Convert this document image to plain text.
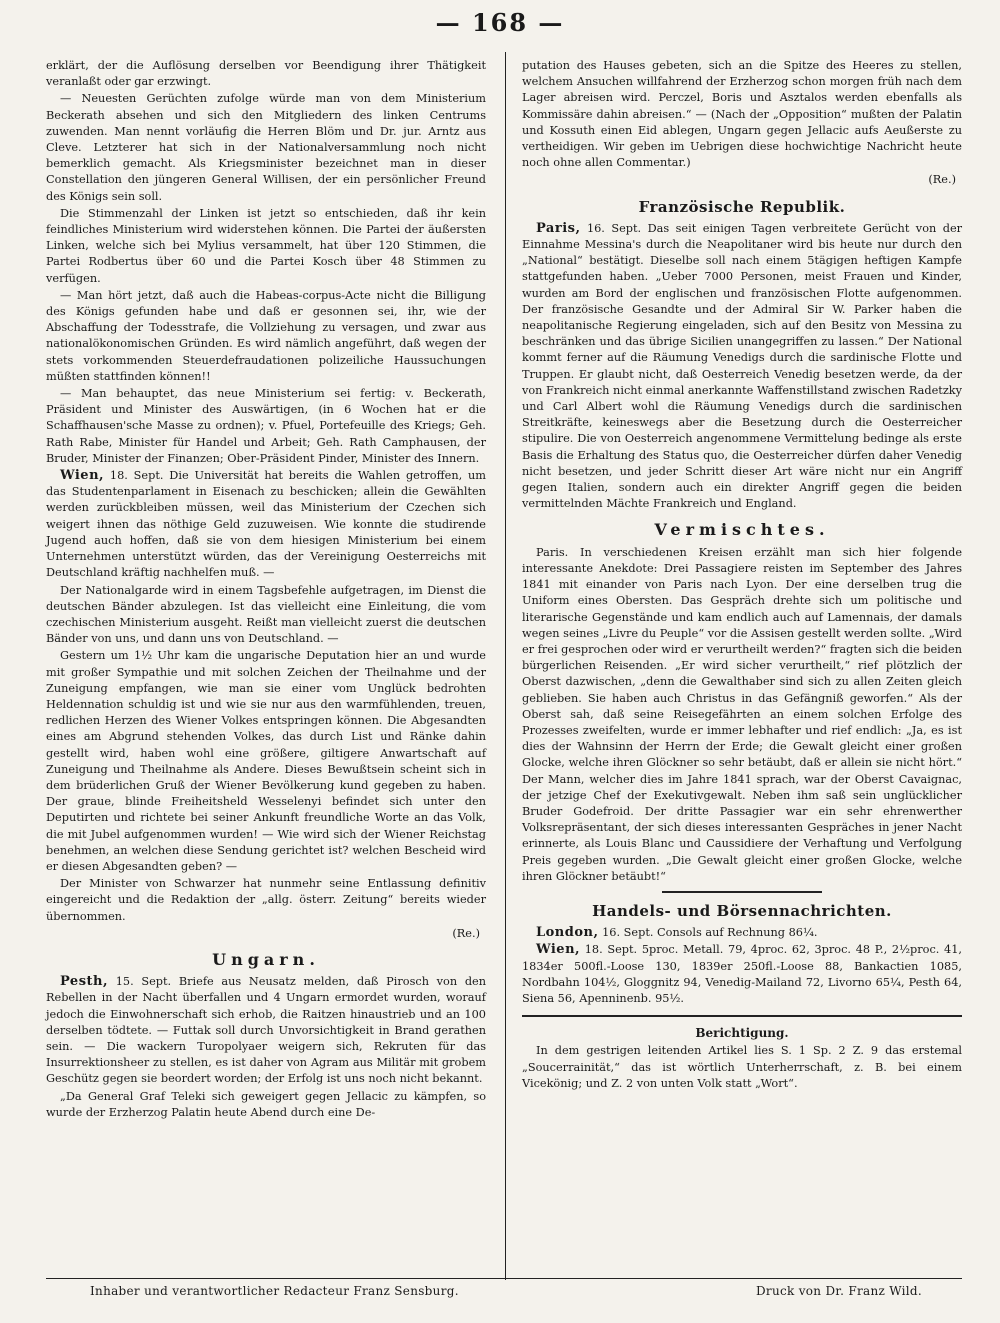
— 168 —

erklärt, der die Auflösung derselben vor Beendigung ihrer Thätigkeit veranlaßt oder gar erzwingt.

— Neuesten Gerüchten zufolge würde man von dem Ministerium Beckerath absehen und sich den Mitgliedern des linken Centrums zuwenden. Man nennt vorläufig die Herren Blöm und Dr. jur. Arntz aus Cleve. Letzterer hat sich in der Nationalversammlung noch nicht bemerklich gemacht. Als Kriegsminister bezeichnet man in dieser Constellation den jüngeren General Willisen, der ein persönlicher Freund des Königs sein soll.

Die Stimmenzahl der Linken ist jetzt so entschieden, daß ihr kein feindliches Ministerium wird widerstehen können. Die Partei der äußersten Linken, welche sich bei Mylius versammelt, hat über 120 Stimmen, die Partei Rodbertus über 60 und die Partei Kosch über 48 Stimmen zu verfügen.

— Man hört jetzt, daß auch die Habeas-corpus-Acte nicht die Billigung des Königs gefunden habe und daß er gesonnen sei, ihr, wie der Abschaffung der Todesstrafe, die Vollziehung zu versagen, und zwar aus nationalökonomischen Gründen. Es wird nämlich angeführt, daß wegen der stets vorkommenden Steuerdefraudationen polizeiliche Haussuchungen müßten stattfinden können!!

— Man behauptet, das neue Ministerium sei fertig: v. Beckerath, Präsident und Minister des Auswärtigen, (in 6 Wochen hat er die Schaffhausen'sche Masse zu ordnen); v. Pfuel, Portefeuille des Kriegs; Geh. Rath Rabe, Minister für Handel und Arbeit; Geh. Rath Camphausen, der Bruder, Minister der Finanzen; Ober-Präsident Pinder, Minister des Innern.

Wien, 18. Sept. Die Universität hat bereits die Wahlen getroffen, um das Studentenparlament in Eisenach zu beschicken; allein die Gewählten werden zurückbleiben müssen, weil das Ministerium der Czechen sich weigert ihnen das nöthige Geld zuzuweisen. Wie konnte die studirende Jugend auch hoffen, daß sie von dem hiesigen Ministerium bei einem Unternehmen unterstützt würden, das der Vereinigung Oesterreichs mit Deutschland kräftig nachhelfen muß. —

Der Nationalgarde wird in einem Tagsbefehle aufgetragen, im Dienst die deutschen Bänder abzulegen. Ist das vielleicht eine Einleitung, die vom czechischen Ministerium ausgeht. Reißt man vielleicht zuerst die deutschen Bänder von uns, und dann uns von Deutschland. —

Gestern um 1½ Uhr kam die ungarische Deputation hier an und wurde mit großer Sympathie und mit solchen Zeichen der Theilnahme und der Zuneigung empfangen, wie man sie einer vom Unglück bedrohten Heldennation schuldig ist und wie sie nur aus den warmfühlenden, treuen, redlichen Herzen des Wiener Volkes entspringen können. Die Abgesandten eines am Abgrund stehenden Volkes, das durch List und Ränke dahin gestellt wird, haben wohl eine größere, giltigere Anwartschaft auf Zuneigung und Theilnahme als Andere. Dieses Bewußtsein scheint sich in dem brüderlichen Gruß der Wiener Bevölkerung kund gegeben zu haben. Der graue, blinde Freiheitsheld Wesselenyi befindet sich unter den Deputirten und richtete bei seiner Ankunft freundliche Worte an das Volk, die mit Jubel aufgenommen wurden! — Wie wird sich der Wiener Reichstag benehmen, an welchen diese Sendung gerichtet ist? welchen Bescheid wird er diesen Abgesandten geben? —

Der Minister von Schwarzer hat nunmehr seine Entlassung definitiv eingereicht und die Redaktion der „allg. österr. Zeitung“ bereits wieder übernommen.

(Re.)
Ungarn.

Pesth, 15. Sept. Briefe aus Neusatz melden, daß Pirosch von den Rebellen in der Nacht überfallen und 4 Ungarn ermordet wurden, worauf jedoch die Einwohnerschaft sich erhob, die Raitzen hinaustrieb und an 100 derselben tödtete. — Futtak soll durch Unvorsichtigkeit in Brand gerathen sein. — Die wackern Turopolyaer weigern sich, Rekruten für das Insurrektionsheer zu stellen, es ist daher von Agram aus Militär mit grobem Geschütz gegen sie beordert worden; der Erfolg ist uns noch nicht bekannt.

„Da General Graf Teleki sich geweigert gegen Jellacic zu kämpfen, so wurde der Erzherzog Palatin heute Abend durch eine De-

putation des Hauses gebeten, sich an die Spitze des Heeres zu stellen, welchem Ansuchen willfahrend der Erzherzog schon morgen früh nach dem Lager abreisen wird. Perczel, Boris und Asztalos werden ebenfalls als Kommissäre dahin abreisen.“ — (Nach der „Opposition“ mußten der Palatin und Kossuth einen Eid ablegen, Ungarn gegen Jellacic aufs Aeußerste zu vertheidigen. Wir geben im Uebrigen diese hochwichtige Nachricht heute noch ohne allen Commentar.)

(Re.)
Französische Republik.

Paris, 16. Sept. Das seit einigen Tagen verbreitete Gerücht von der Einnahme Messina's durch die Neapolitaner wird bis heute nur durch den „National“ bestätigt. Dieselbe soll nach einem 5tägigen heftigen Kampfe stattgefunden haben. „Ueber 7000 Personen, meist Frauen und Kinder, wurden am Bord der englischen und französischen Flotte aufgenommen. Der französische Gesandte und der Admiral Sir W. Parker haben die neapolitanische Regierung eingeladen, sich auf den Besitz von Messina zu beschränken und das übrige Sicilien unangegriffen zu lassen.“ Der National kommt ferner auf die Räumung Venedigs durch die sardinische Flotte und Truppen. Er glaubt nicht, daß Oesterreich Venedig besetzen werde, da der von Frankreich nicht einmal anerkannte Waffenstillstand zwischen Radetzky und Carl Albert wohl die Räumung Venedigs durch die sardinischen Streitkräfte, keineswegs aber die Besetzung durch die Oesterreicher stipulire. Die von Oesterreich angenommene Vermittelung bedinge als erste Basis die Erhaltung des Status quo, die Oesterreicher dürfen daher Venedig nicht besetzen, und jeder Schritt dieser Art wäre nicht nur ein Angriff gegen Italien, sondern auch ein direkter Angriff gegen die beiden vermittelnden Mächte Frankreich und England.

Vermischtes.

Paris. In verschiedenen Kreisen erzählt man sich hier folgende interessante Anekdote: Drei Passagiere reisten im September des Jahres 1841 mit einander von Paris nach Lyon. Der eine derselben trug die Uniform eines Obersten. Das Gespräch drehte sich um politische und literarische Gegenstände und kam endlich auch auf Lamennais, der damals wegen seines „Livre du Peuple“ vor die Assisen gestellt werden sollte. „Wird er frei gesprochen oder wird er verurtheilt werden?“ fragten sich die beiden bürgerlichen Reisenden. „Er wird sicher verurtheilt,“ rief plötzlich der Oberst dazwischen, „denn die Gewalthaber sind sich zu allen Zeiten gleich geblieben. Sie haben auch Christus in das Gefängniß geworfen.“ Als der Oberst sah, daß seine Reisegefährten an einem solchen Erfolge des Prozesses zweifelten, wurde er immer lebhafter und rief endlich: „Ja, es ist dies der Wahnsinn der Herrn der Erde; die Gewalt gleicht einer großen Glocke, welche ihren Glöckner so sehr betäubt, daß er allein sie nicht hört.“ Der Mann, welcher dies im Jahre 1841 sprach, war der Oberst Cavaignac, der jetzige Chef der Exekutivgewalt. Neben ihm saß sein unglücklicher Bruder Godefroid. Der dritte Passagier war ein sehr ehrenwerther Volksrepräsentant, der sich dieses interessanten Gespräches in jener Nacht erinnerte, als Louis Blanc und Caussidiere der Verhaftung und Verfolgung Preis gegeben wurden. „Die Gewalt gleicht einer großen Glocke, welche ihren Glöckner betäubt!“

Handels- und Börsennachrichten.

London, 16. Sept. Consols auf Rechnung 86¼.

Wien, 18. Sept. 5proc. Metall. 79, 4proc. 62, 3proc. 48 P., 2½proc. 41, 1834er 500fl.-Loose 130, 1839er 250fl.-Loose 88, Bankactien 1085, Nordbahn 104½, Gloggnitz 94, Venedig-Mailand 72, Livorno 65¼, Pesth 64, Siena 56, Apenninenb. 95½.

Berichtigung.

In dem gestrigen leitenden Artikel lies S. 1 Sp. 2 Z. 9 das erstemal „Soucerrainität,“ das ist wörtlich Unterherrschaft, z. B. bei einem Vicekönig; und Z. 2 von unten Volk statt „Wort“.

Inhaber und verantwortlicher Redacteur Franz Sensburg.	Druck von Dr. Franz Wild.
